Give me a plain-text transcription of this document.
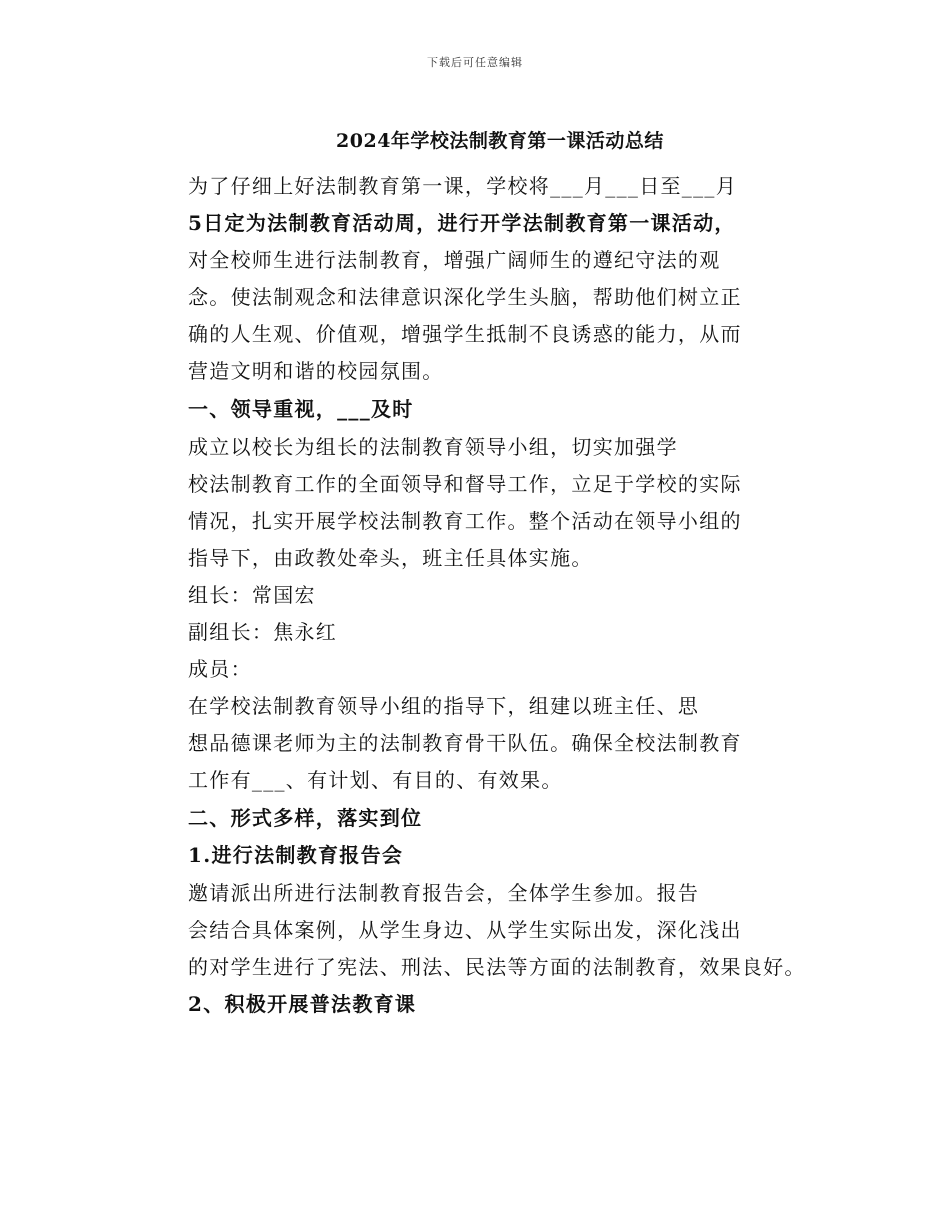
下载后可任意编辑
2024年学校法制教育第一课活动总结
为了仔细上好法制教育第一课，学校将___月___日至___月
5日定为法制教育活动周，进行开学法制教育第一课活动，
对全校师生进行法制教育，增强广阔师生的遵纪守法的观
念。使法制观念和法律意识深化学生头脑，帮助他们树立正
确的人生观、价值观，增强学生抵制不良诱惑的能力，从而
营造文明和谐的校园氛围。
一、领导重视，___及时
成立以校长为组长的法制教育领导小组，切实加强学
校法制教育工作的全面领导和督导工作，立足于学校的实际
情况，扎实开展学校法制教育工作。整个活动在领导小组的
指导下，由政教处牵头，班主任具体实施。
组长：常国宏
副组长：焦永红
成员：
在学校法制教育领导小组的指导下，组建以班主任、思
想品德课老师为主的法制教育骨干队伍。确保全校法制教育
工作有___、有计划、有目的、有效果。
二、形式多样，落实到位
1.进行法制教育报告会
邀请派出所进行法制教育报告会，全体学生参加。报告
会结合具体案例，从学生身边、从学生实际出发，深化浅出
的对学生进行了宪法、刑法、民法等方面的法制教育，效果良好。
2、积极开展普法教育课
